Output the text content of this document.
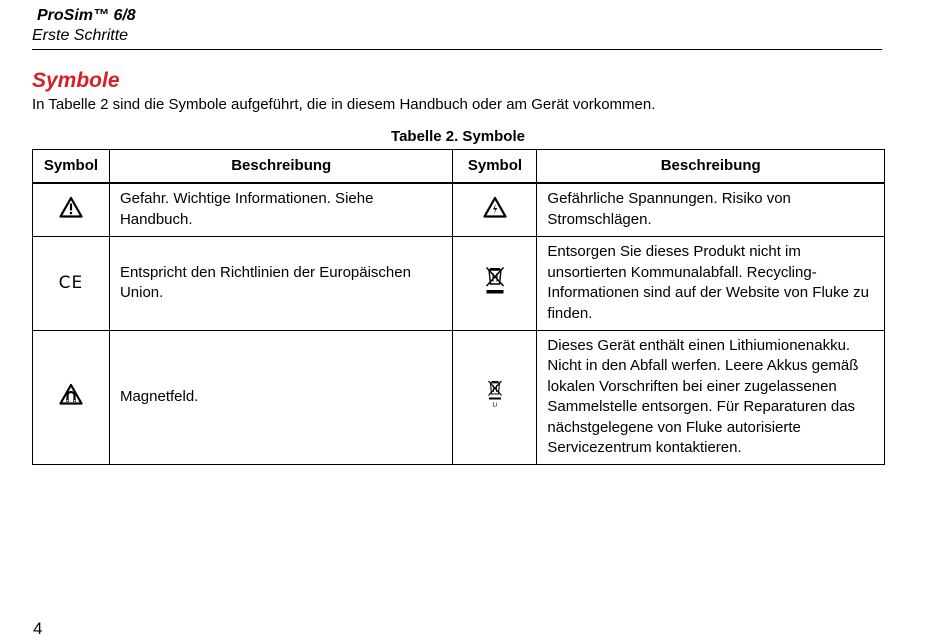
ProSim™ 6/8
Erste Schritte
Symbole
In Tabelle 2 sind die Symbole aufgeführt, die in diesem Handbuch oder am Gerät vorkommen.
Tabelle 2. Symbole
Symbol	Beschreibung	Symbol	Beschreibung
	Gefahr. Wichtige Informationen. Siehe Handbuch.		Gefährliche Spannungen. Risiko von Stromschlägen.
CE	Entspricht den Richtlinien der Europäischen Union.		Entsorgen Sie dieses Produkt nicht im unsortierten Kommunalabfall. Recycling-Informationen sind auf der Website von Fluke zu finden.
	Magnetfeld.	Li	Dieses Gerät enthält einen Lithiumionenakku. Nicht in den Abfall werfen. Leere Akkus gemäß lokalen Vorschriften bei einer zugelassenen Sammelstelle entsorgen. Für Reparaturen das nächstgelegene von Fluke autorisierte Servicezentrum kontaktieren.
4
